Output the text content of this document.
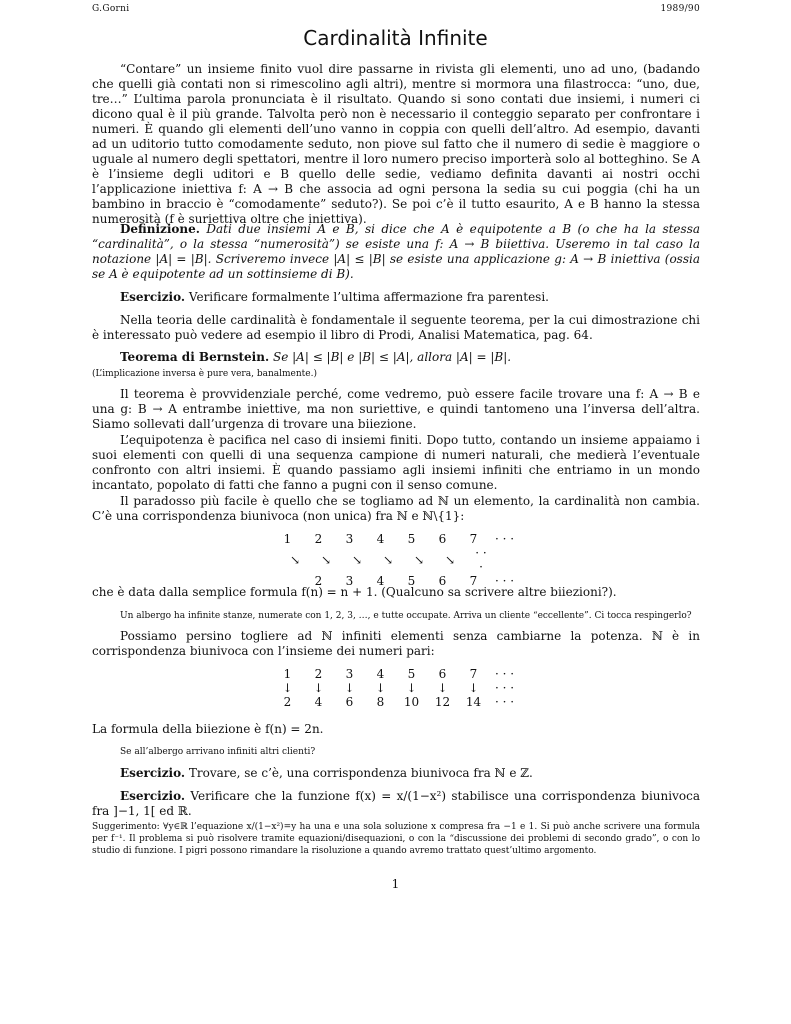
G.Gorni	1989/90
Cardinalità Infinite

“Contare” un insieme finito vuol dire passarne in rivista gli elementi, uno ad uno, (badando che quelli già contati non si rimescolino agli altri), mentre si mormora una filastrocca: “uno, due, tre…” L’ultima parola pronunciata è il risultato. Quando si sono contati due insiemi, i numeri ci dicono qual è il più grande. Talvolta però non è necessario il conteggio separato per confrontare i numeri. È quando gli elementi dell’uno vanno in coppia con quelli dell’altro. Ad esempio, davanti ad un uditorio tutto comodamente seduto, non piove sul fatto che il numero di sedie è maggiore o uguale al numero degli spettatori, mentre il loro numero preciso importerà solo al botteghino. Se A è l’insieme degli uditori e B quello delle sedie, vediamo definita davanti ai nostri occhi l’applicazione iniettiva f: A → B che associa ad ogni persona la sedia su cui poggia (chi ha un bambino in braccio è “comodamente” seduto?). Se poi c’è il tutto esaurito, A e B hanno la stessa numerosità (f è suriettiva oltre che iniettiva).

Definizione. Dati due insiemi A e B, si dice che A è equipotente a B (o che ha la stessa “cardinalità”, o la stessa “numerosità”) se esiste una f: A → B biiettiva. Useremo in tal caso la notazione |A| = |B|. Scriveremo invece |A| ≤ |B| se esiste una applicazione g: A → B iniettiva (ossia se A è equipotente ad un sottinsieme di B).

Esercizio. Verificare formalmente l’ultima affermazione fra parentesi.

Nella teoria delle cardinalità è fondamentale il seguente teorema, per la cui dimostrazione chi è interessato può vedere ad esempio il libro di Prodi, Analisi Matematica, pag. 64.

Teorema di Bernstein. Se |A| ≤ |B| e |B| ≤ |A|, allora |A| = |B|.

(L’implicazione inversa è pure vera, banalmente.)

Il teorema è provvidenziale perché, come vedremo, può essere facile trovare una f: A → B e una g: B → A entrambe iniettive, ma non suriettive, e quindi tantomeno una l’inversa dell’altra. Siamo sollevati dall’urgenza di trovare una biiezione.

L’equipotenza è pacifica nel caso di insiemi finiti. Dopo tutto, contando un insieme appaiamo i suoi elementi con quelli di una sequenza campione di numeri naturali, che medierà l’eventuale confronto con altri insiemi. È quando passiamo agli insiemi infiniti che entriamo in un mondo incantato, popolato di fatti che fanno a pugni con il senso comune.

Il paradosso più facile è quello che se togliamo ad ℕ un elemento, la cardinalità non cambia. C’è una corrispondenza biunivoca (non unica) fra ℕ e ℕ\{1}:

1	2	3	4	5	6	7	· · ·
↘	↘	↘	↘	↘	↘	· · ·	
	2	3	4	5	6	7	· · ·

che è data dalla semplice formula f(n) = n + 1. (Qualcuno sa scrivere altre biiezioni?).

Un albergo ha infinite stanze, numerate con 1, 2, 3, …, e tutte occupate. Arriva un cliente “eccellente”. Ci tocca respingerlo?

Possiamo persino togliere ad ℕ infiniti elementi senza cambiarne la potenza. ℕ è in corrispondenza biunivoca con l’insieme dei numeri pari:

1	2	3	4	5	6	7	· · ·
↓	↓	↓	↓	↓	↓	↓	· · ·
2	4	6	8	10	12	14	· · ·

La formula della biiezione è f(n) = 2n.

Se all’albergo arrivano infiniti altri clienti?

Esercizio. Trovare, se c’è, una corrispondenza biunivoca fra ℕ e ℤ.

Esercizio. Verificare che la funzione f(x) = x/(1−x²) stabilisce una corrispondenza biunivoca fra ]−1, 1[ ed ℝ.

Suggerimento: ∀y∈ℝ l’equazione x/(1−x²)=y ha una e una sola soluzione x compresa fra −1 e 1. Si può anche scrivere una formula per f⁻¹. Il problema si può risolvere tramite equazioni/disequazioni, o con la “discussione dei problemi di secondo grado”, o con lo studio di funzione. I pigri possono rimandare la risoluzione a quando avremo trattato quest’ultimo argomento.

1
